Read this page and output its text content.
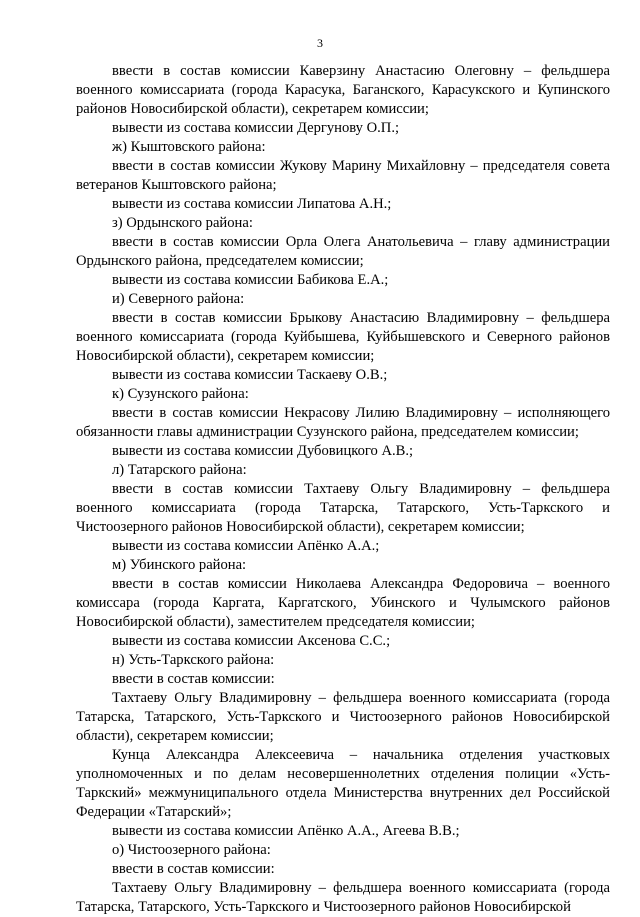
3

ввести в состав комиссии Каверзину Анастасию Олеговну – фельдшера военного комиссариата (города Карасука, Баганского, Карасукского и Купинского районов Новосибирской области), секретарем комиссии;

вывести из состава комиссии Дергунову О.П.;

ж) Кыштовского района:

ввести в состав комиссии Жукову Марину Михайловну – председателя совета ветеранов Кыштовского района;

вывести из состава комиссии Липатова А.Н.;

з) Ордынского района:

ввести в состав комиссии Орла Олега Анатольевича – главу администрации Ордынского района, председателем комиссии;

вывести из состава комиссии Бабикова Е.А.;

и) Северного района:

ввести в состав комиссии Брыкову Анастасию Владимировну – фельдшера военного комиссариата (города Куйбышева, Куйбышевского и Северного районов Новосибирской области), секретарем комиссии;

вывести из состава комиссии Таскаеву О.В.;

к) Сузунского района:

ввести в состав комиссии Некрасову Лилию Владимировну – исполняющего обязанности главы администрации Сузунского района, председателем комиссии;

вывести из состава комиссии Дубовицкого А.В.;

л) Татарского района:

ввести в состав комиссии Тахтаеву Ольгу Владимировну – фельдшера военного комиссариата (города Татарска, Татарского, Усть-Таркского и Чистоозерного районов Новосибирской области), секретарем комиссии;

вывести из состава комиссии Апёнко А.А.;

м) Убинского района:

ввести в состав комиссии Николаева Александра Федоровича – военного комиссара (города Каргата, Каргатского, Убинского и Чулымского районов Новосибирской области), заместителем председателя комиссии;

вывести из состава комиссии Аксенова С.С.;

н) Усть-Таркского района:

ввести в состав комиссии:

Тахтаеву Ольгу Владимировну – фельдшера военного комиссариата (города Татарска, Татарского, Усть-Таркского и Чистоозерного районов Новосибирской области), секретарем комиссии;

Кунца Александра Алексеевича – начальника отделения участковых уполномоченных и по делам несовершеннолетних отделения полиции «Усть-Таркский» межмуниципального отдела Министерства внутренних дел Российской Федерации «Татарский»;

вывести из состава комиссии Апёнко А.А., Агеева В.В.;

о) Чистоозерного района:

ввести в состав комиссии:

Тахтаеву Ольгу Владимировну – фельдшера военного комиссариата (города Татарска, Татарского, Усть-Таркского и Чистоозерного районов Новосибирской
